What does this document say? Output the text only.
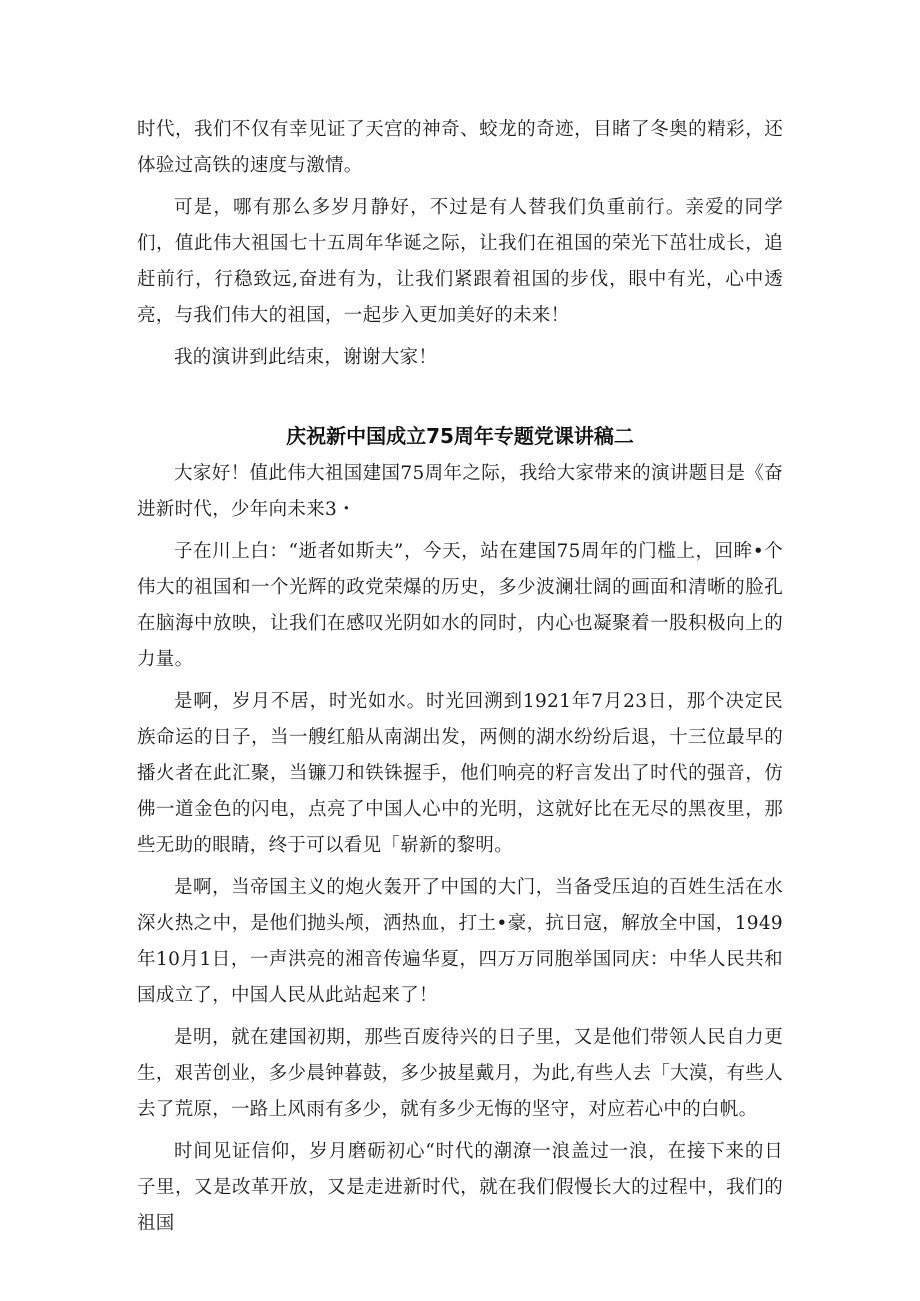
时代，我们不仅有幸见证了天宫的神奇、蛟龙的奇迹，目睹了冬奥的精彩，还体验过高铁的速度与激情。

可是，哪有那么多岁月静好，不过是有人替我们负重前行。亲爱的同学们，值此伟大祖国七十五周年华诞之际，让我们在祖国的荣光下茁壮成长，追赶前行，行稳致远,奋进有为，让我们紧跟着祖国的步伐，眼中有光，心中透亮，与我们伟大的祖国，一起步入更加美好的未来！

我的演讲到此结束，谢谢大家！

庆祝新中国成立75周年专题党课讲稿二

大家好！值此伟大祖国建国75周年之际，我给大家带来的演讲题目是《奋进新时代，少年向未来3・

子在川上白：“逝者如斯夫”，今天，站在建国75周年的门槛上，回眸•个伟大的祖国和一个光辉的政党荣爆的历史，多少波澜壮阔的画面和清晰的脸孔在脑海中放映，让我们在感叹光阴如水的同时，内心也凝聚着一股积极向上的力量。

是啊，岁月不居，时光如水。时光回溯到1921年7月23日，那个决定民族命运的日子，当一艘红船从南湖出发，两侧的湖水纷纷后退，十三位最早的播火者在此汇聚，当镰刀和铁铢握手，他们响亮的籽言发出了时代的强音，仿佛一道金色的闪电，点亮了中国人心中的光明，这就好比在无尽的黑夜里，那些无助的眼睛，终于可以看见「崭新的黎明。

是啊，当帝国主义的炮火轰开了中国的大门，当备受压迫的百姓生活在水深火热之中，是他们抛头颅，洒热血，打土•豪，抗日寇，解放全中国，1949年10月1日，一声洪亮的湘音传遍华夏，四万万同胞举国同庆：中华人民共和国成立了，中国人民从此站起来了！

是明，就在建国初期，那些百废待兴的日子里，又是他们带领人民自力更生，艰苦创业，多少晨钟暮鼓，多少披星戴月，为此,有些人去「大漠，有些人去了荒原，一路上风雨有多少，就有多少无悔的坚守，对应若心中的白帆。

时间见证信仰，岁月磨砺初心“时代的潮潦一浪盖过一浪，在接下来的日子里，又是改革开放，又是走进新时代，就在我们假慢长大的过程中，我们的祖国
